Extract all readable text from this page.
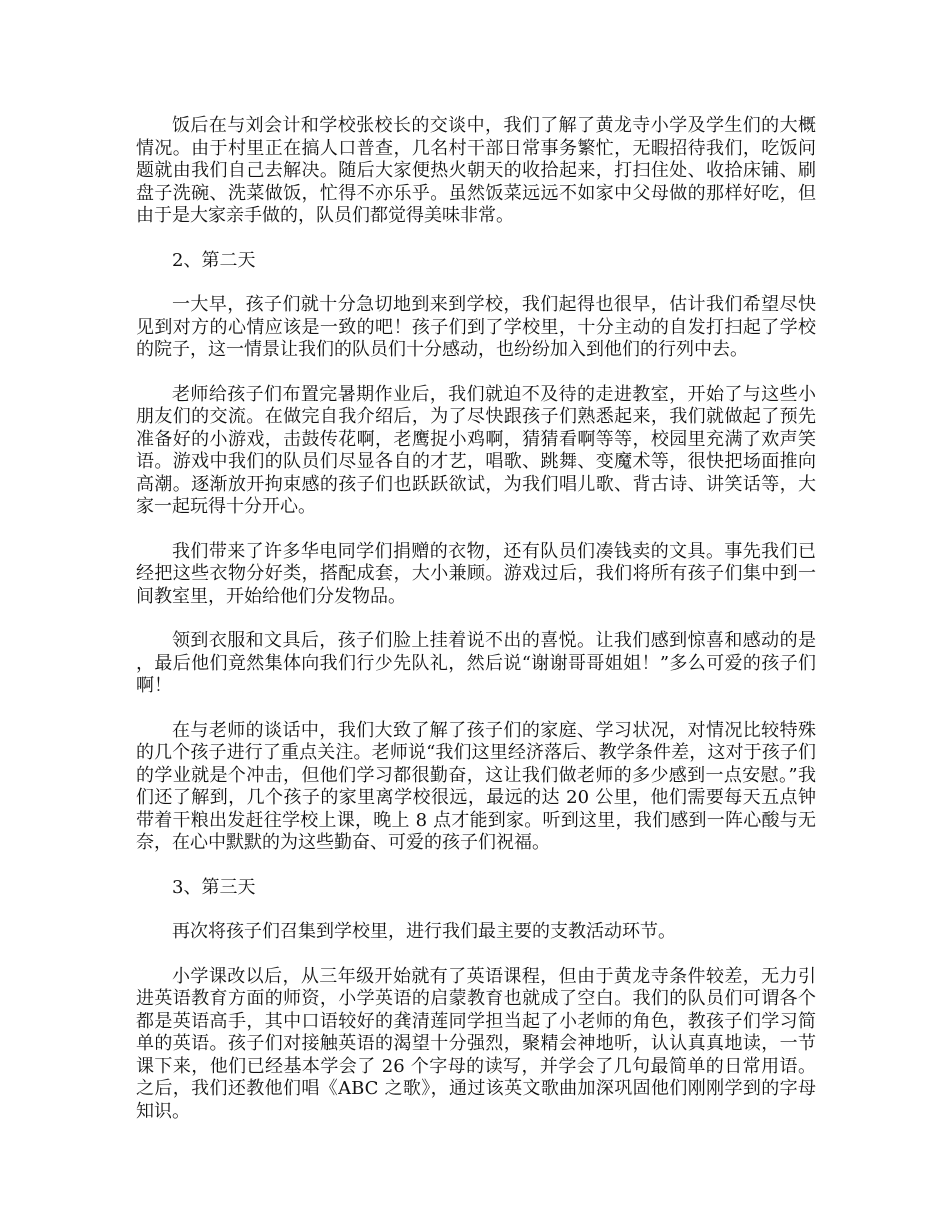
饭后在与刘会计和学校张校长的交谈中，我们了解了黄龙寺小学及学生们的大概情况。由于村里正在搞人口普查，几名村干部日常事务繁忙，无暇招待我们，吃饭问题就由我们自己去解决。随后大家便热火朝天的收拾起来，打扫住处、收拾床铺、刷盘子洗碗、洗菜做饭，忙得不亦乐乎。虽然饭菜远远不如家中父母做的那样好吃，但由于是大家亲手做的，队员们都觉得美味非常。

2、第二天

一大早，孩子们就十分急切地到来到学校，我们起得也很早，估计我们希望尽快见到对方的心情应该是一致的吧！孩子们到了学校里，十分主动的自发打扫起了学校的院子，这一情景让我们的队员们十分感动，也纷纷加入到他们的行列中去。

老师给孩子们布置完暑期作业后，我们就迫不及待的走进教室，开始了与这些小朋友们的交流。在做完自我介绍后，为了尽快跟孩子们熟悉起来，我们就做起了预先准备好的小游戏，击鼓传花啊，老鹰捉小鸡啊，猜猜看啊等等，校园里充满了欢声笑语。游戏中我们的队员们尽显各自的才艺，唱歌、跳舞、变魔术等，很快把场面推向高潮。逐渐放开拘束感的孩子们也跃跃欲试，为我们唱儿歌、背古诗、讲笑话等，大家一起玩得十分开心。

我们带来了许多华电同学们捐赠的衣物，还有队员们凑钱卖的文具。事先我们已经把这些衣物分好类，搭配成套，大小兼顾。游戏过后，我们将所有孩子们集中到一间教室里，开始给他们分发物品。

领到衣服和文具后，孩子们脸上挂着说不出的喜悦。让我们感到惊喜和感动的是，最后他们竟然集体向我们行少先队礼，然后说“谢谢哥哥姐姐！”多么可爱的孩子们啊！

在与老师的谈话中，我们大致了解了孩子们的家庭、学习状况，对情况比较特殊的几个孩子进行了重点关注。老师说“我们这里经济落后、教学条件差，这对于孩子们的学业就是个冲击，但他们学习都很勤奋，这让我们做老师的多少感到一点安慰。”我们还了解到，几个孩子的家里离学校很远，最远的达 20 公里，他们需要每天五点钟带着干粮出发赶往学校上课，晚上 8 点才能到家。听到这里，我们感到一阵心酸与无奈，在心中默默的为这些勤奋、可爱的孩子们祝福。

3、第三天

再次将孩子们召集到学校里，进行我们最主要的支教活动环节。

小学课改以后，从三年级开始就有了英语课程，但由于黄龙寺条件较差，无力引进英语教育方面的师资，小学英语的启蒙教育也就成了空白。我们的队员们可谓各个都是英语高手，其中口语较好的龚清莲同学担当起了小老师的角色，教孩子们学习简单的英语。孩子们对接触英语的渴望十分强烈，聚精会神地听，认认真真地读，一节课下来，他们已经基本学会了 26 个字母的读写，并学会了几句最简单的日常用语。之后，我们还教他们唱《ABC 之歌》，通过该英文歌曲加深巩固他们刚刚学到的字母知识。
